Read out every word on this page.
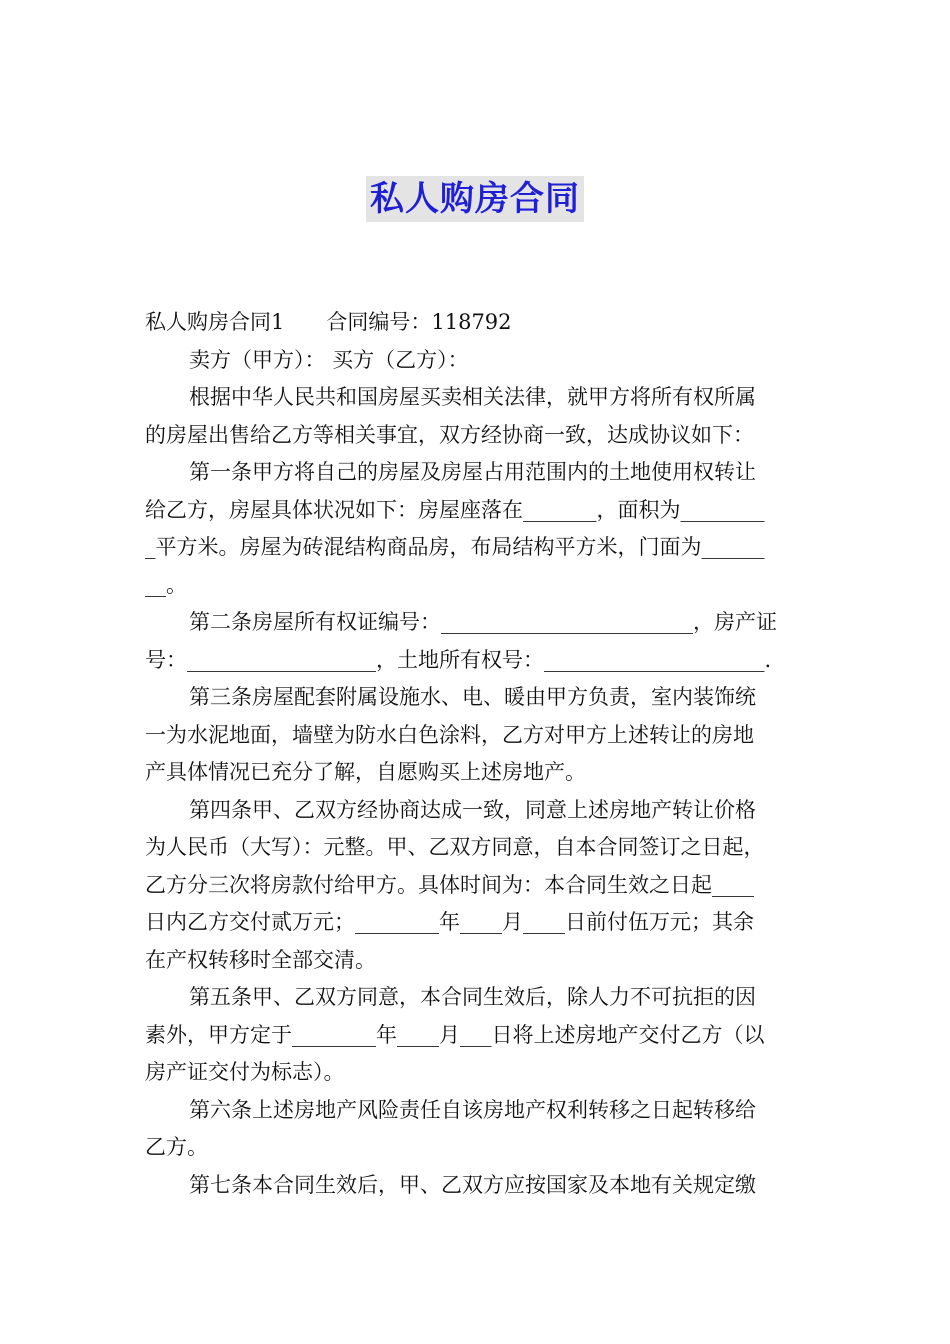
私人购房合同
私人购房合同1　　合同编号：118792
卖方（甲方）： 买方（乙方）：
根据中华人民共和国房屋买卖相关法律，就甲方将所有权所属
的房屋出售给乙方等相关事宜，双方经协商一致，达成协议如下：
第一条甲方将自己的房屋及房屋占用范围内的土地使用权转让
给乙方，房屋具体状况如下：房屋座落在_______，面积为________
_平方米。房屋为砖混结构商品房，布局结构平方米，门面为______
__。
第二条房屋所有权证编号：________________________，房产证
号：__________________，土地所有权号：_____________________.
第三条房屋配套附属设施水、电、暖由甲方负责，室内装饰统
一为水泥地面，墙壁为防水白色涂料，乙方对甲方上述转让的房地
产具体情况已充分了解，自愿购买上述房地产。
第四条甲、乙双方经协商达成一致，同意上述房地产转让价格
为人民币（大写）：元整。甲、乙双方同意，自本合同签订之日起，
乙方分三次将房款付给甲方。具体时间为：本合同生效之日起____
日内乙方交付贰万元；________年____月____日前付伍万元；其余
在产权转移时全部交清。
第五条甲、乙双方同意，本合同生效后，除人力不可抗拒的因
素外，甲方定于________年____月___日将上述房地产交付乙方（以
房产证交付为标志）。
第六条上述房地产风险责任自该房地产权利转移之日起转移给
乙方。
第七条本合同生效后，甲、乙双方应按国家及本地有关规定缴
